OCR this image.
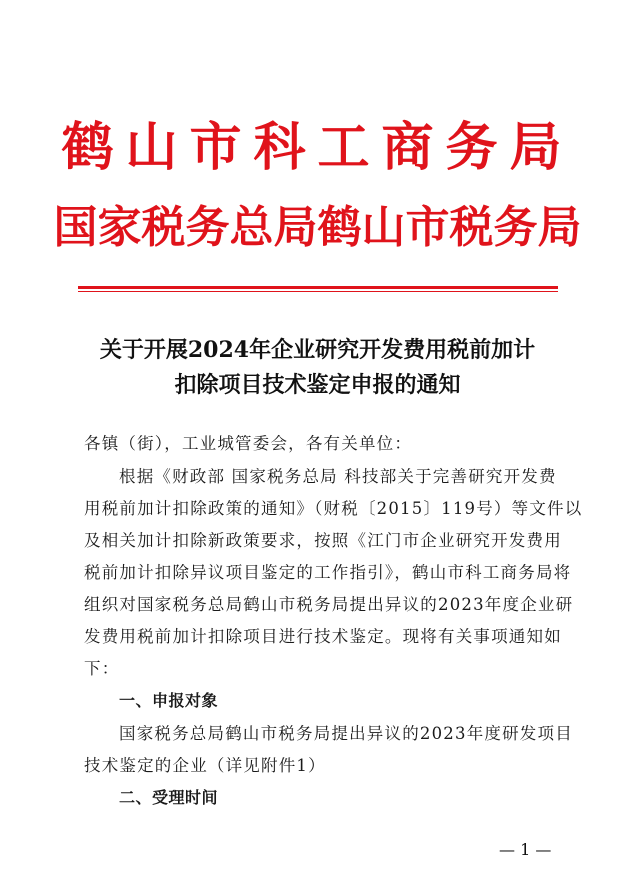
鹤山市科工商务局
国家税务总局鹤山市税务局
关于开展2024年企业研究开发费用税前加计
扣除项目技术鉴定申报的通知
各镇（街），工业城管委会，各有关单位：
根据《财政部 国家税务总局 科技部关于完善研究开发费
用税前加计扣除政策的通知》（财税〔2015〕119号）等文件以
及相关加计扣除新政策要求，按照《江门市企业研究开发费用
税前加计扣除异议项目鉴定的工作指引》，鹤山市科工商务局将
组织对国家税务总局鹤山市税务局提出异议的2023年度企业研
发费用税前加计扣除项目进行技术鉴定。现将有关事项通知如
下：
一、申报对象
国家税务总局鹤山市税务局提出异议的2023年度研发项目
技术鉴定的企业（详见附件1）
二、受理时间
— 1 —
